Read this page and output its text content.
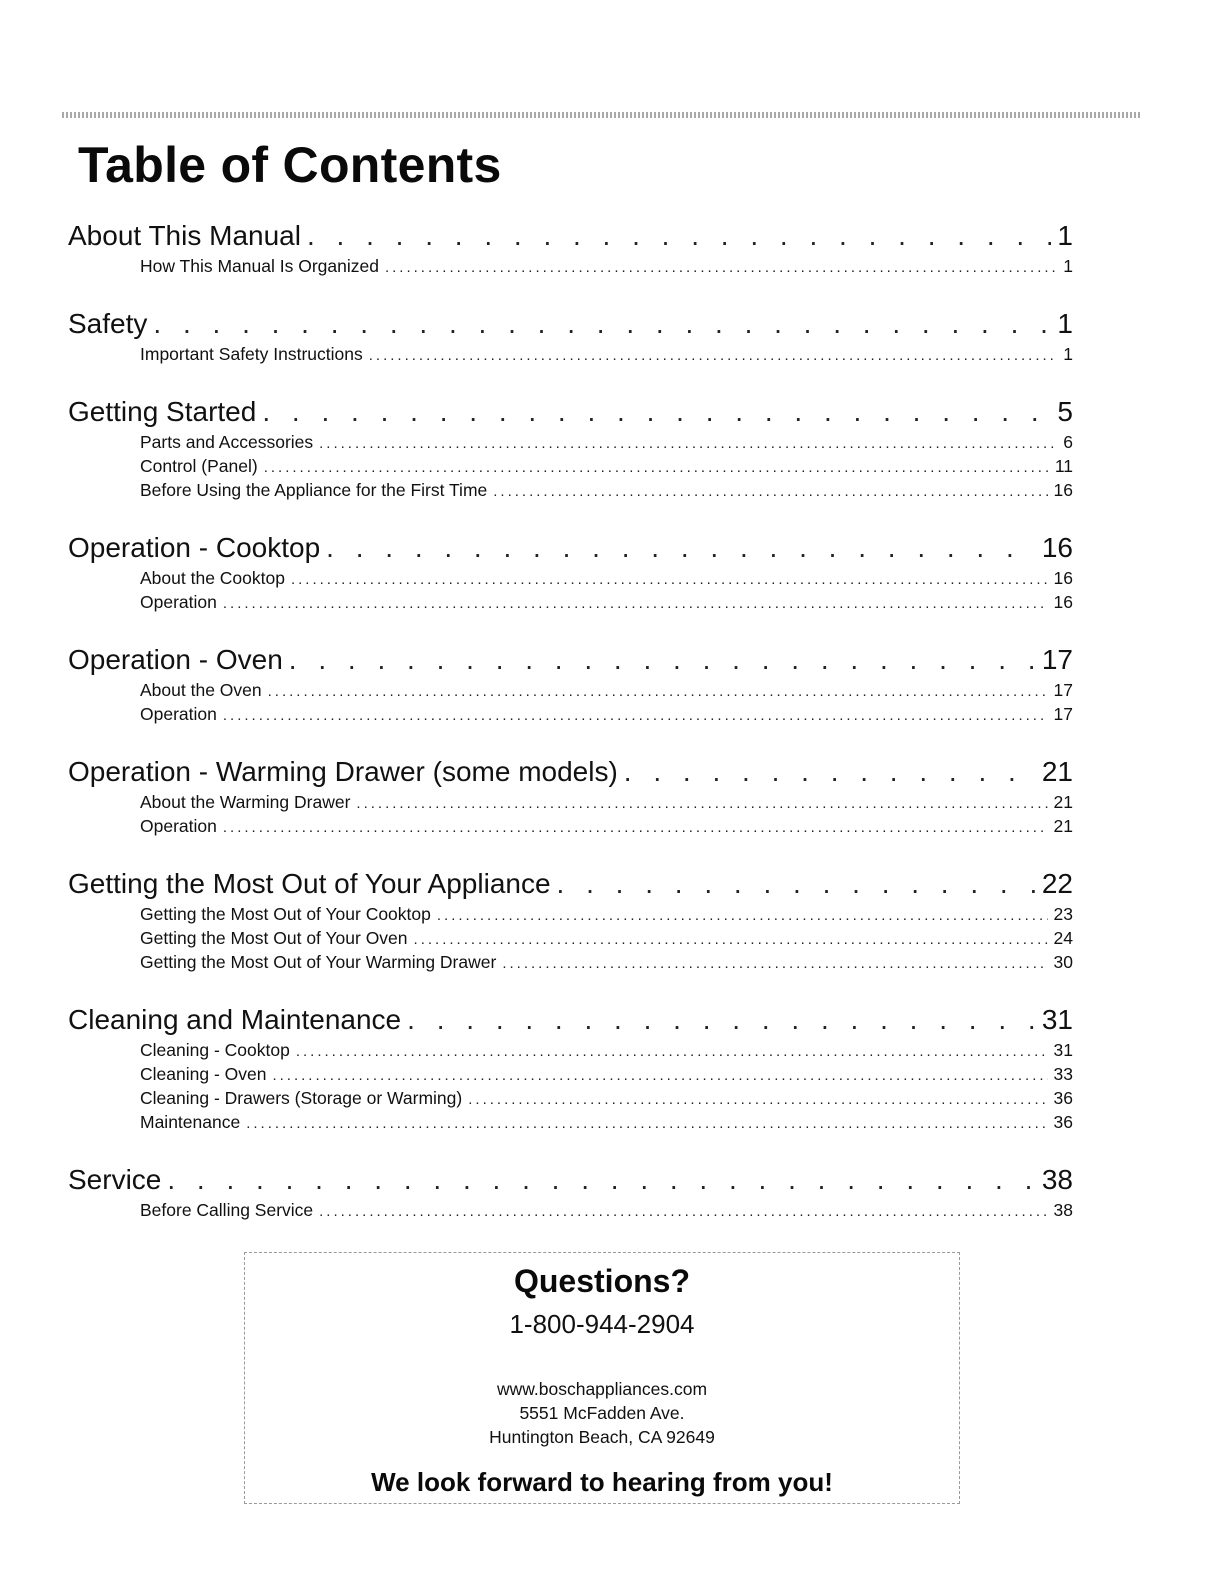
Table of Contents
About This Manual . . .	1
How This Manual Is Organized .....	1
Safety . . .	1
Important Safety Instructions .....	1
Getting Started . . .	5
Parts and Accessories .....	6
Control (Panel) .....	11
Before Using the Appliance for the First Time .....	16
Operation - Cooktop . . .	16
About the Cooktop .....	16
Operation .....	16
Operation - Oven . . .	17
About the Oven .....	17
Operation .....	17
Operation - Warming Drawer (some models) . . .	21
About the Warming Drawer .....	21
Operation .....	21
Getting the Most Out of Your Appliance . . .	22
Getting the Most Out of Your Cooktop .....	23
Getting the Most Out of Your Oven .....	24
Getting the Most Out of Your Warming Drawer .....	30
Cleaning and Maintenance . . .	31
Cleaning - Cooktop .....	31
Cleaning - Oven .....	33
Cleaning - Drawers (Storage or Warming) .....	36
Maintenance .....	36
Service . . .	38
Before Calling Service .....	38
Questions?
1-800-944-2904
www.boschappliances.com
5551 McFadden Ave.
Huntington Beach, CA 92649
We look forward to hearing from you!
